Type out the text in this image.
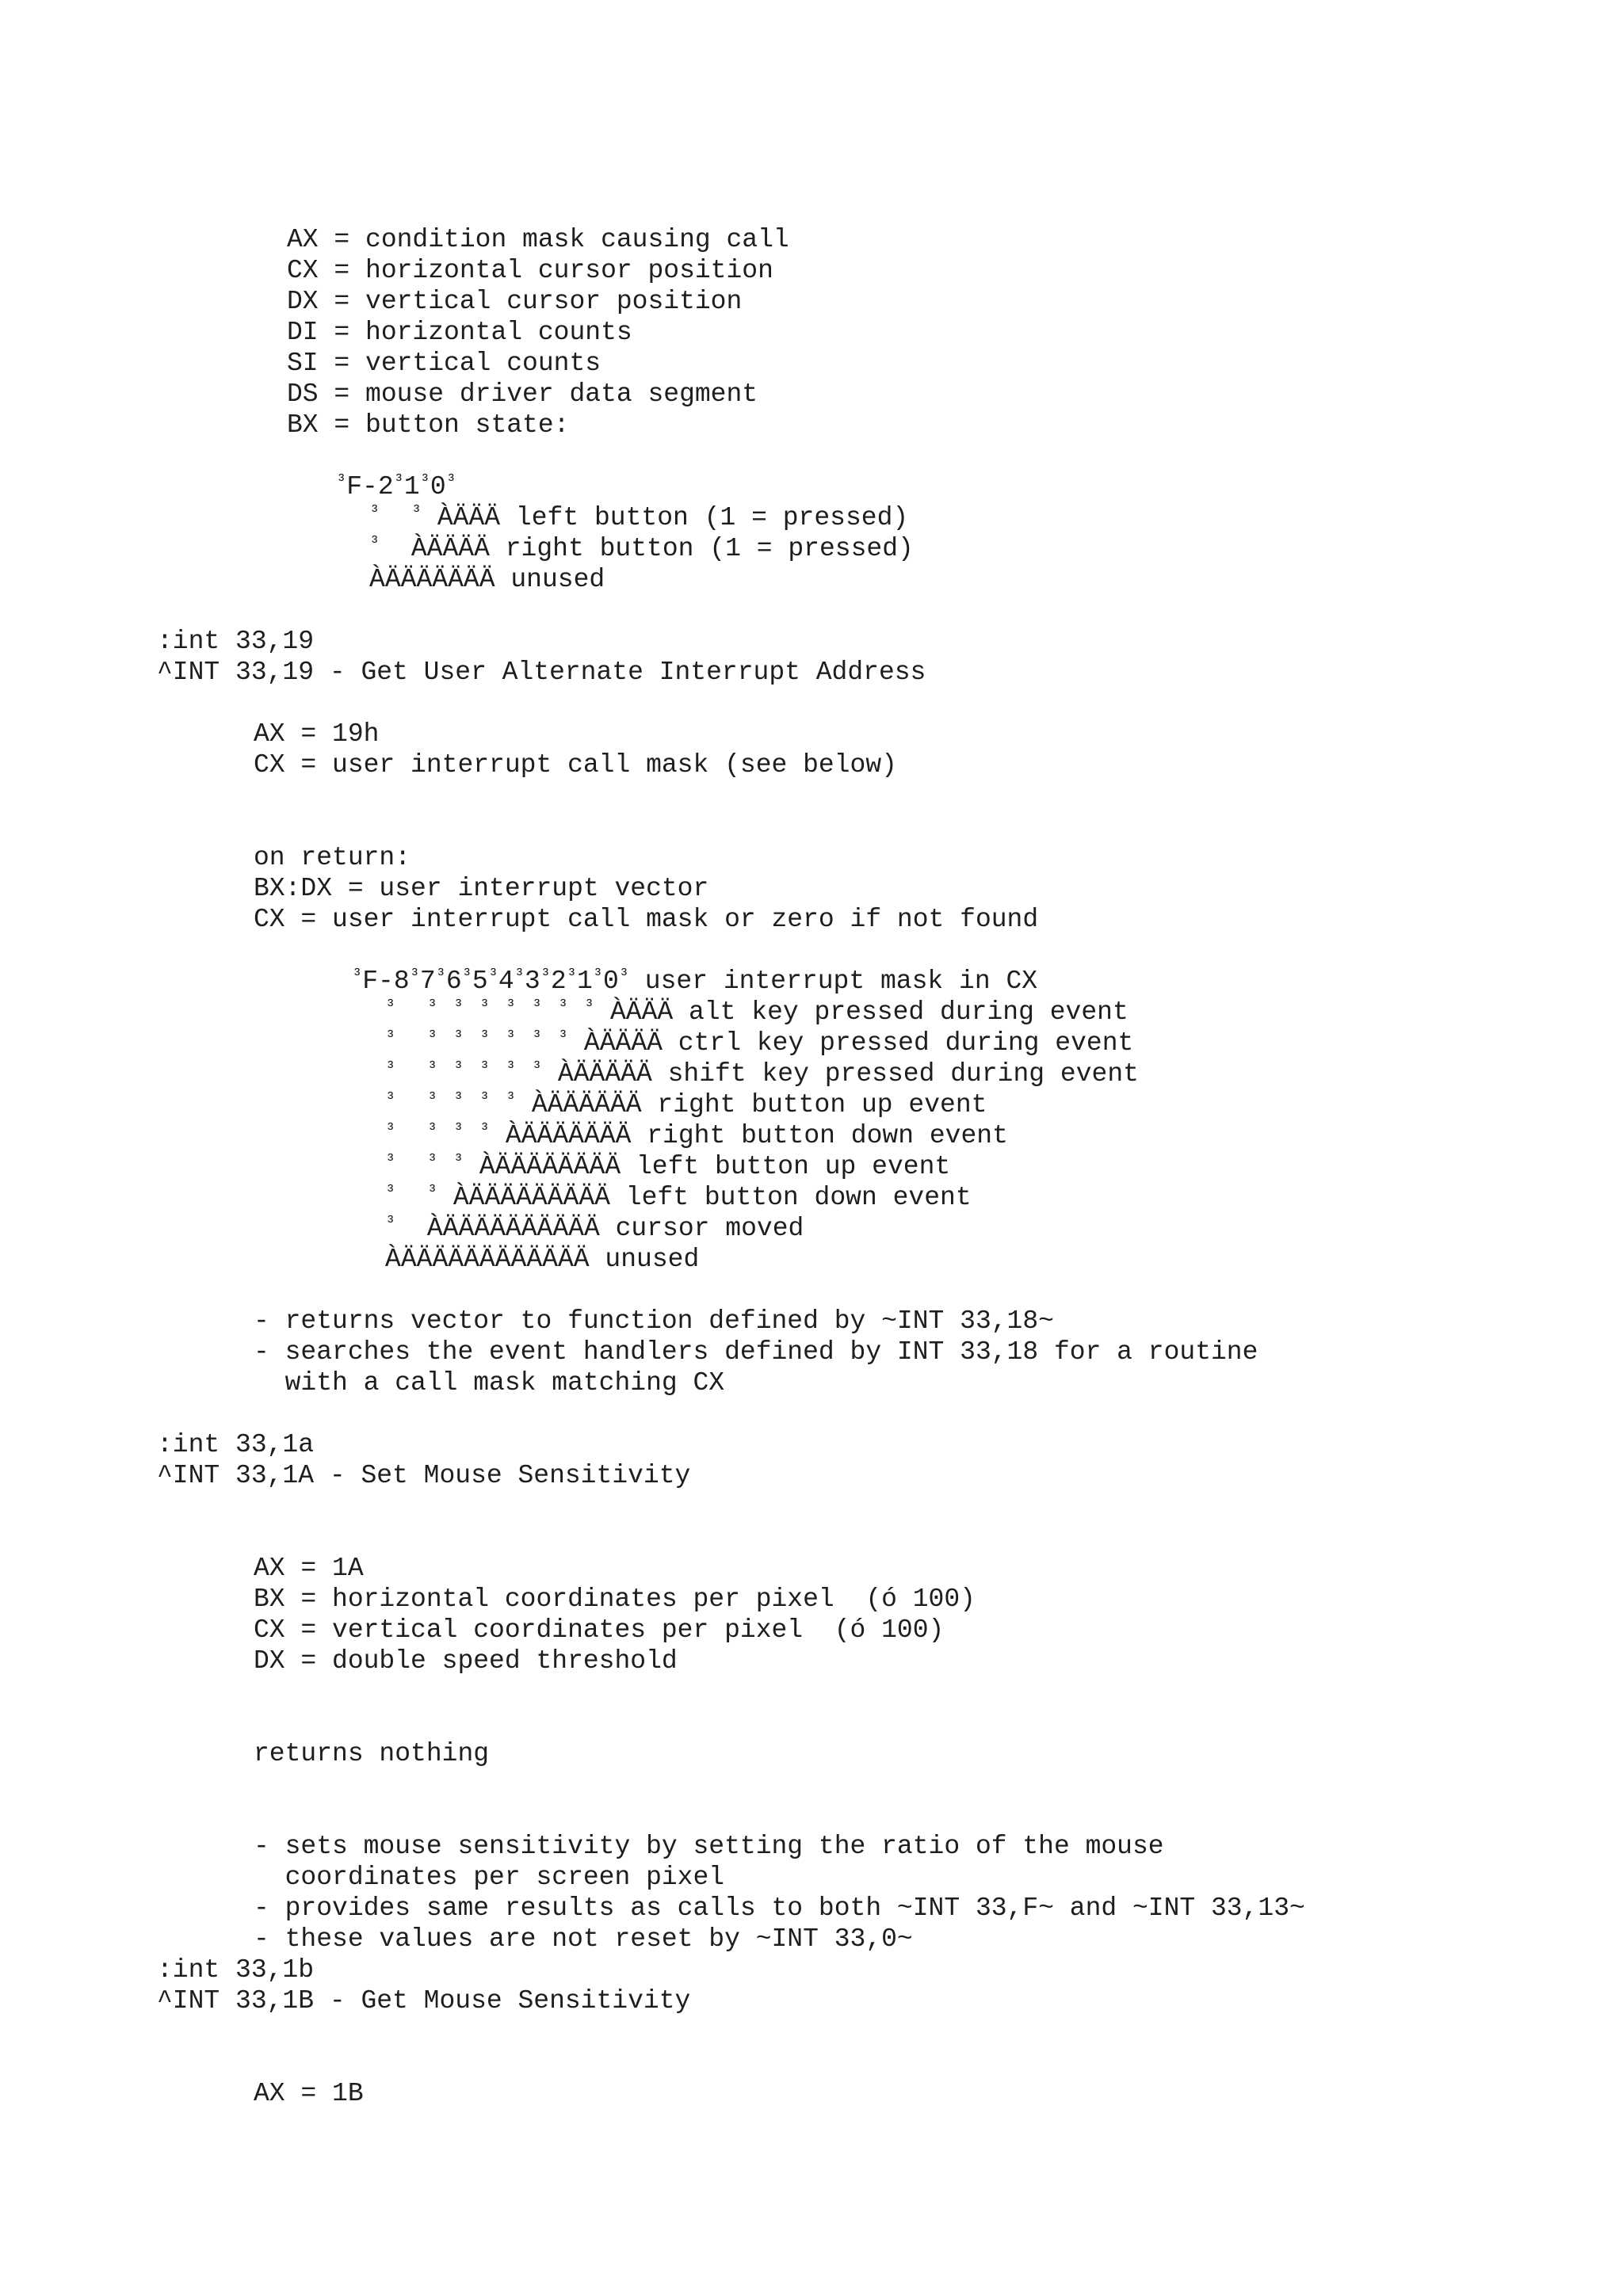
AX = condition mask causing call
CX = horizontal cursor position
DX = vertical cursor position
DI = horizontal counts
SI = vertical counts
DS = mouse driver data segment
BX = button state:
$^{^3}F-2^{^3}1^{^3}0^{^3}$
$^{^3}$ $^{^3}$ ÀÄÄÄ left button (1 = pressed)
$^{^3}$ ÀÄÄÄÄ right button (1 = pressed)
ÀÄÄÄÄÄÄÄ unused
:int 33,19
^INT 33,19 - Get User Alternate Interrupt Address
AX = 19h
CX = user interrupt call mask (see below)
on return:
BX:DX = user interrupt vector
CX = user interrupt call mask or zero if not found
$^{^3}F-8^{^3}7^{^3}6^{^3}5^{^3}4^{^3}3^{^3}2^{^3}1^{^3}0^{^3}$ user interrupt mask in CX
$^{^3}$ $^{^3}$ $^{^3}$ $^{^3}$ $^{^3}$ $^{^3}$ $^{^3}$ $^{^3}$ ÀÄÄÄ alt key pressed during event
$^{^3}$ $^{^3}$ $^{^3}$ $^{^3}$ $^{^3}$ $^{^3}$ $^{^3}$ ÀÄÄÄÄ ctrl key pressed during event
$^{^3}$ $^{^3}$ $^{^3}$ $^{^3}$ $^{^3}$ $^{^3}$ ÀÄÄÄÄÄ shift key pressed during event
$^{^3}$ $^{^3}$ $^{^3}$ $^{^3}$ $^{^3}$ ÀÄÄÄÄÄÄ right button up event
$^{^3}$ $^{^3}$ $^{^3}$ $^{^3}$ ÀÄÄÄÄÄÄÄ right button down event
$^{^3}$ $^{^3}$ $^{^3}$ ÀÄÄÄÄÄÄÄÄ left button up event
$^{^3}$ $^{^3}$ ÀÄÄÄÄÄÄÄÄÄ left button down event
$^{^3}$ ÀÄÄÄÄÄÄÄÄÄÄ cursor moved
ÀÄÄÄÄÄÄÄÄÄÄÄÄ unused
- returns vector to function defined by ~INT 33,18~
- searches the event handlers defined by INT 33,18 for a routine
with a call mask matching CX
:int 33,1a
^INT 33,1A - Set Mouse Sensitivity
AX = 1A
BX = horizontal coordinates per pixel  (ó 100)
CX = vertical coordinates per pixel  (ó 100)
DX = double speed threshold
returns nothing
- sets mouse sensitivity by setting the ratio of the mouse
coordinates per screen pixel
- provides same results as calls to both ~INT 33,F~ and ~INT 33,13~
- these values are not reset by ~INT 33,0~
:int 33,1b
^INT 33,1B - Get Mouse Sensitivity
AX = 1B
